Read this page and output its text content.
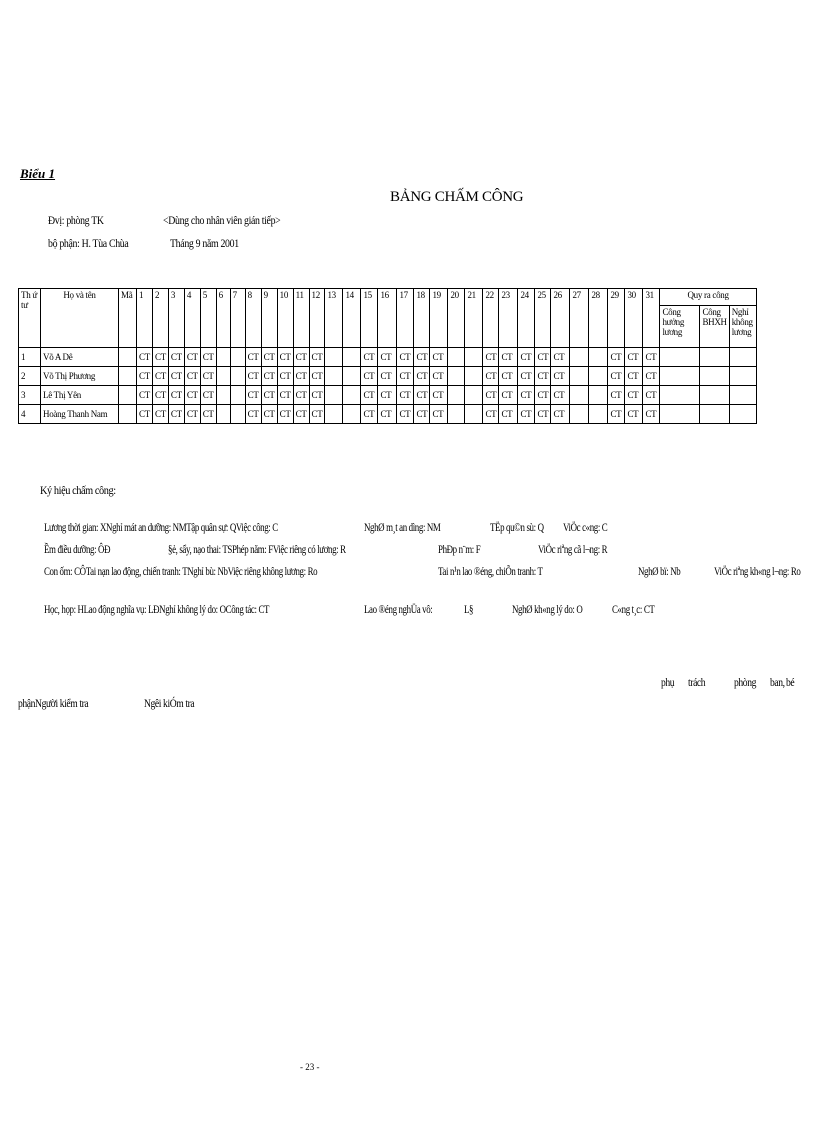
Biểu 1
BẢNG CHẤM CÔNG
Đvị: phòng TK	<Dùng cho nhân viên gián tiếp>
bộ phận: H. Tùa Chùa	Tháng 9 năm 2001
Th ứ tư	Họ và tên	Mã	1	2	3	4	5	6	7	8	9	10	11	12	13	14	15	16	17	18	19	20	21	22	23	24	25	26	27	28	29	30	31	Quy ra công		
																																		Công hưởng lương	Công BHXH	Nghỉ không lương
1	Võ A Dê		CT	CT	CT	CT	CT			CT	CT	CT	CT	CT			CT	CT	CT	CT	CT			CT	CT	CT	CT	CT			CT	CT	CT			
2	Võ Thị Phương		CT	CT	CT	CT	CT			CT	CT	CT	CT	CT			CT	CT	CT	CT	CT			CT	CT	CT	CT	CT			CT	CT	CT			
3	Lê Thị Yên		CT	CT	CT	CT	CT			CT	CT	CT	CT	CT			CT	CT	CT	CT	CT			CT	CT	CT	CT	CT			CT	CT	CT			
4	Hoàng Thanh Nam		CT	CT	CT	CT	CT			CT	CT	CT	CT	CT			CT	CT	CT	CT	CT			CT	CT	CT	CT	CT			CT	CT	CT			
Ký hiệu chấm công:
Lương thời gian: XNghỉ mát an dưỡng: NMTập quân sự: QViệc công: C	NghØ m¸t an dìng: NM	TËp qu©n sù: Q ViÖc c«ng: C
Ềm điều dưỡng: ÔĐ	§ẻ, sẩy, nạo thai: TSPhép năm: FViệc riêng có lương: R	PhÐp n¨m: F	ViÖc riªng cã l¬ng: R
Con ốm: CÔTai nạn lao động, chiến tranh: TNghỉ bù: NbViệc riêng không lương: Ro	Tai n¹n lao ®éng, chiÕn tranh: T	NghØ bï: Nb	ViÖc riªng kh«ng l¬ng: Ro
Học, họp: HLao động nghĩa vụ: LĐNghỉ không lý do: OCông tác: CT	Lao ®éng nghÜa vô:	L§	NghØ kh«ng lý do: O C«ng t¸c: CT
phụ trách phòng ban, bé
phậnNgười kiểm tra	Ngêi kiÓm tra
- 23 -
